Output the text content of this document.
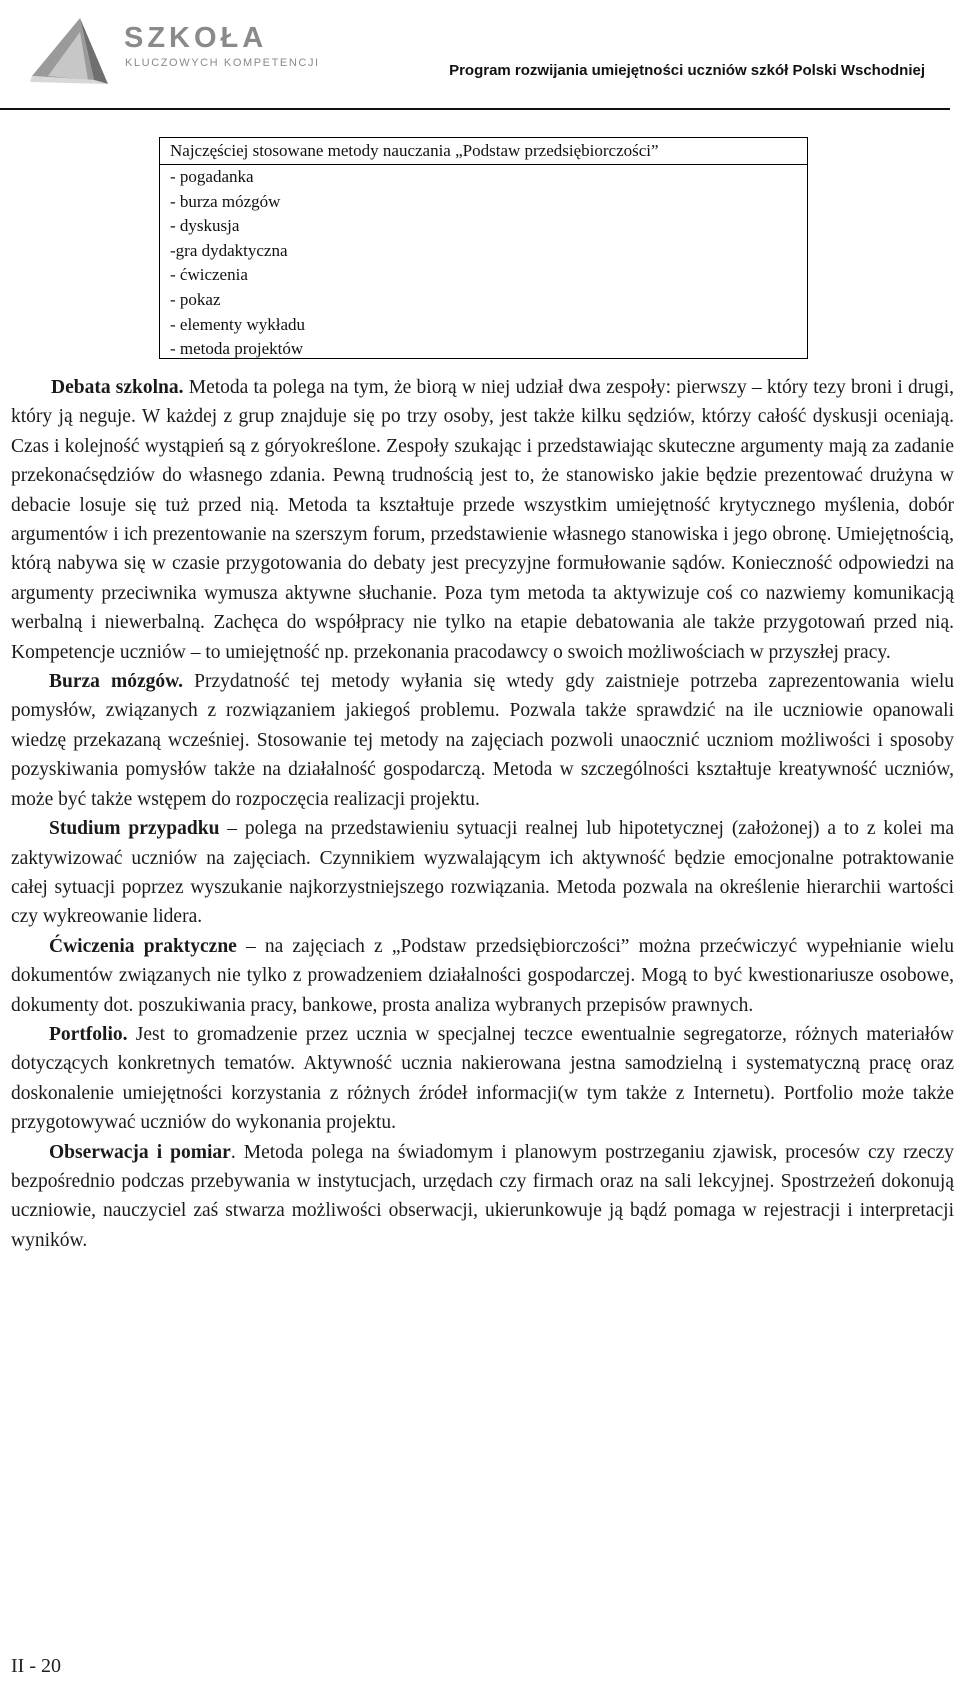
SZKOŁA
KLUCZOWYCH KOMPETENCJI	Program rozwijania umiejętności uczniów szkół Polski Wschodniej
Najczęściej stosowane metody nauczania „Podstaw przedsiębiorczości”
- pogadanka
- burza mózgów
- dyskusja
-gra dydaktyczna
- ćwiczenia
- pokaz
- elementy wykładu
- metoda projektów

Debata szkolna. Metoda ta polega na tym, że biorą w niej udział dwa zespoły: pierwszy – który tezy broni i drugi, który ją neguje. W każdej z grup znajduje się po trzy osoby, jest także kilku sędziów, którzy całość dyskusji oceniają. Czas i kolejność wystąpień są z góryokreślone. Zespoły szukając i przedstawiając skuteczne argumenty mają za zadanie przekonaćsędziów do własnego zdania. Pewną trudnością jest to, że stanowisko jakie będzie prezentować drużyna w debacie losuje się tuż przed nią. Metoda ta kształtuje przede wszystkim umiejętność krytycznego myślenia, dobór argumentów i ich prezentowanie na szerszym forum, przedstawienie własnego stanowiska i jego obronę. Umiejętnością, którą nabywa się w czasie przygotowania do debaty jest precyzyjne formułowanie sądów. Konieczność odpowiedzi na argumenty przeciwnika wymusza aktywne słuchanie. Poza tym metoda ta aktywizuje coś co nazwiemy komunikacją werbalną i niewerbalną. Zachęca do współpracy nie tylko na etapie debatowania ale także przygotowań przed nią. Kompetencje uczniów – to umiejętność np. przekonania pracodawcy o swoich możliwościach w przyszłej pracy.

Burza mózgów. Przydatność tej metody wyłania się wtedy gdy zaistnieje potrzeba zaprezentowania wielu pomysłów, związanych z rozwiązaniem jakiegoś problemu. Pozwala także sprawdzić na ile uczniowie opanowali wiedzę przekazaną wcześniej. Stosowanie tej metody na zajęciach pozwoli unaocznić uczniom możliwości i sposoby pozyskiwania pomysłów także na działalność gospodarczą. Metoda w szczególności kształtuje kreatywność uczniów, może być także wstępem do rozpoczęcia realizacji projektu.

Studium przypadku – polega na przedstawieniu sytuacji realnej lub hipotetycznej (założonej) a to z kolei ma zaktywizować uczniów na zajęciach. Czynnikiem wyzwalającym ich aktywność będzie emocjonalne potraktowanie całej sytuacji poprzez wyszukanie najkorzystniejszego rozwiązania. Metoda pozwala na określenie hierarchii wartości czy wykreowanie lidera.

Ćwiczenia praktyczne – na zajęciach z „Podstaw przedsiębiorczości” można przećwiczyć wypełnianie wielu dokumentów związanych nie tylko z prowadzeniem działalności gospodarczej. Mogą to być kwestionariusze osobowe, dokumenty dot. poszukiwania pracy, bankowe, prosta analiza wybranych przepisów prawnych.

Portfolio. Jest to gromadzenie przez ucznia w specjalnej teczce ewentualnie segregatorze, różnych materiałów dotyczących konkretnych tematów. Aktywność ucznia nakierowana jestna samodzielną i systematyczną pracę oraz doskonalenie umiejętności korzystania z różnych źródeł informacji(w tym także z Internetu). Portfolio może także przygotowywać uczniów do wykonania projektu.

Obserwacja i pomiar. Metoda polega na świadomym i planowym postrzeganiu zjawisk, procesów czy rzeczy bezpośrednio podczas przebywania w instytucjach, urzędach czy firmach oraz na sali lekcyjnej. Spostrzeżeń dokonują uczniowie, nauczyciel zaś stwarza możliwości obserwacji, ukierunkowuje ją bądź pomaga w rejestracji i interpretacji wyników.

II - 20
